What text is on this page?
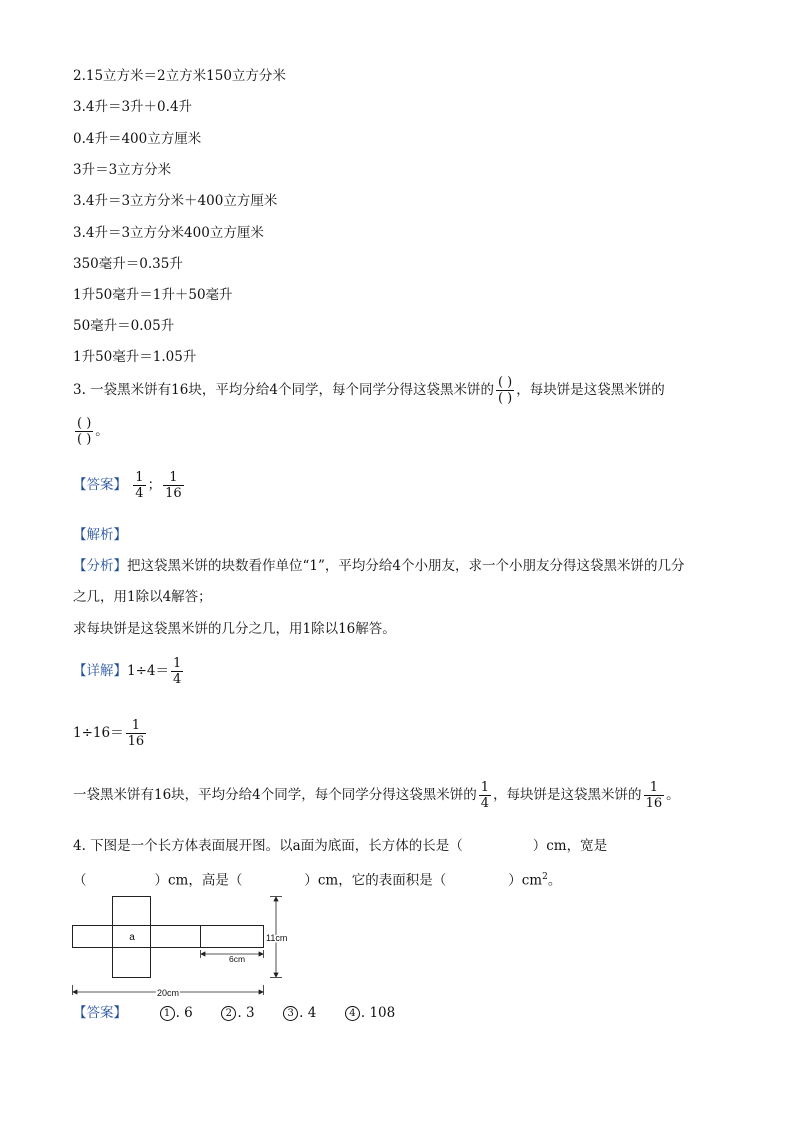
2.15立方米＝2立方米150立方分米
3.4升＝3升＋0.4升
0.4升＝400立方厘米
3升＝3立方分米
3.4升＝3立方分米＋400立方厘米
3.4升＝3立方分米400立方厘米
350毫升＝0.35升
1升50毫升＝1升＋50毫升
50毫升＝0.05升
1升50毫升＝1.05升
3. 一袋黑米饼有16块，平均分给4个同学，每个同学分得这袋黑米饼的 $\frac{( )}{( )}$ ，每块饼是这袋黑米饼的
$\frac{( )}{( )}$ 。
【答案】 $\frac{1}{4}$ ； $\frac{1}{16}$
【解析】
【分析】把这袋黑米饼的块数看作单位“1”，平均分给4个小朋友，求一个小朋友分得这袋黑米饼的几分
之几，用1除以4解答；
求每块饼是这袋黑米饼的几分之几，用1除以16解答。
【详解】$1\div 4= \frac{1}{4}$
$1\div 16= \frac{1}{16}$
一袋黑米饼有16块，平均分给4个同学，每个同学分得这袋黑米饼的 $\frac{1}{4}$ ，每块饼是这袋黑米饼的 $\frac{1}{16}$ 。
4. 下图是一个长方体表面展开图。以a面为底面，长方体的长是（	）cm，宽是
（	）cm，高是（	）cm，它的表面积是（	）$cm^2$。
a
6cm
11cm
20cm
【答案】	1 . 6	2 . 3	3 . 4	4 . 108
